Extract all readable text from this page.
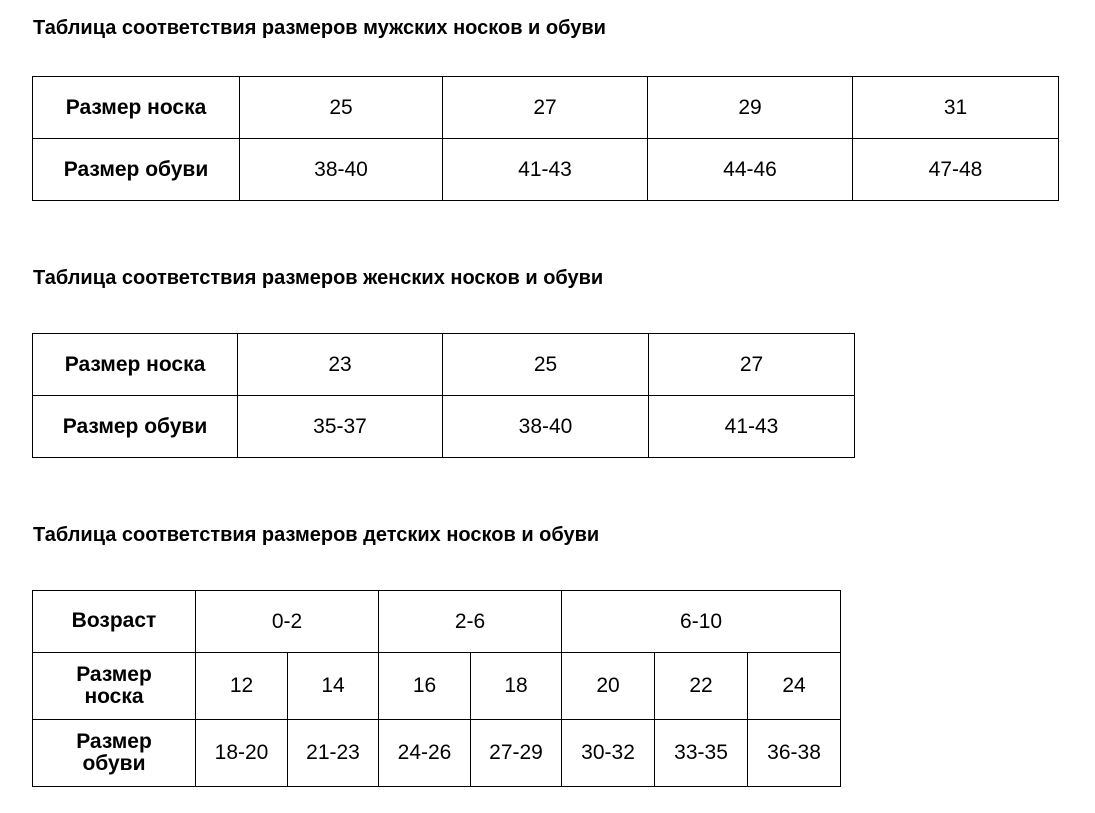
Таблица соответствия размеров мужских носков и обуви
Размер носка	25	27	29	31
Размер обуви	38-40	41-43	44-46	47-48
Таблица соответствия размеров женских носков и обуви
Размер носка	23	25	27
Размер обуви	35-37	38-40	41-43
Таблица соответствия размеров детских носков и обуви
Возраст	0-2		2-6		6-10		
Размер
носка	12	14	16	18	20	22	24
Размер
обуви	18-20	21-23	24-26	27-29	30-32	33-35	36-38
